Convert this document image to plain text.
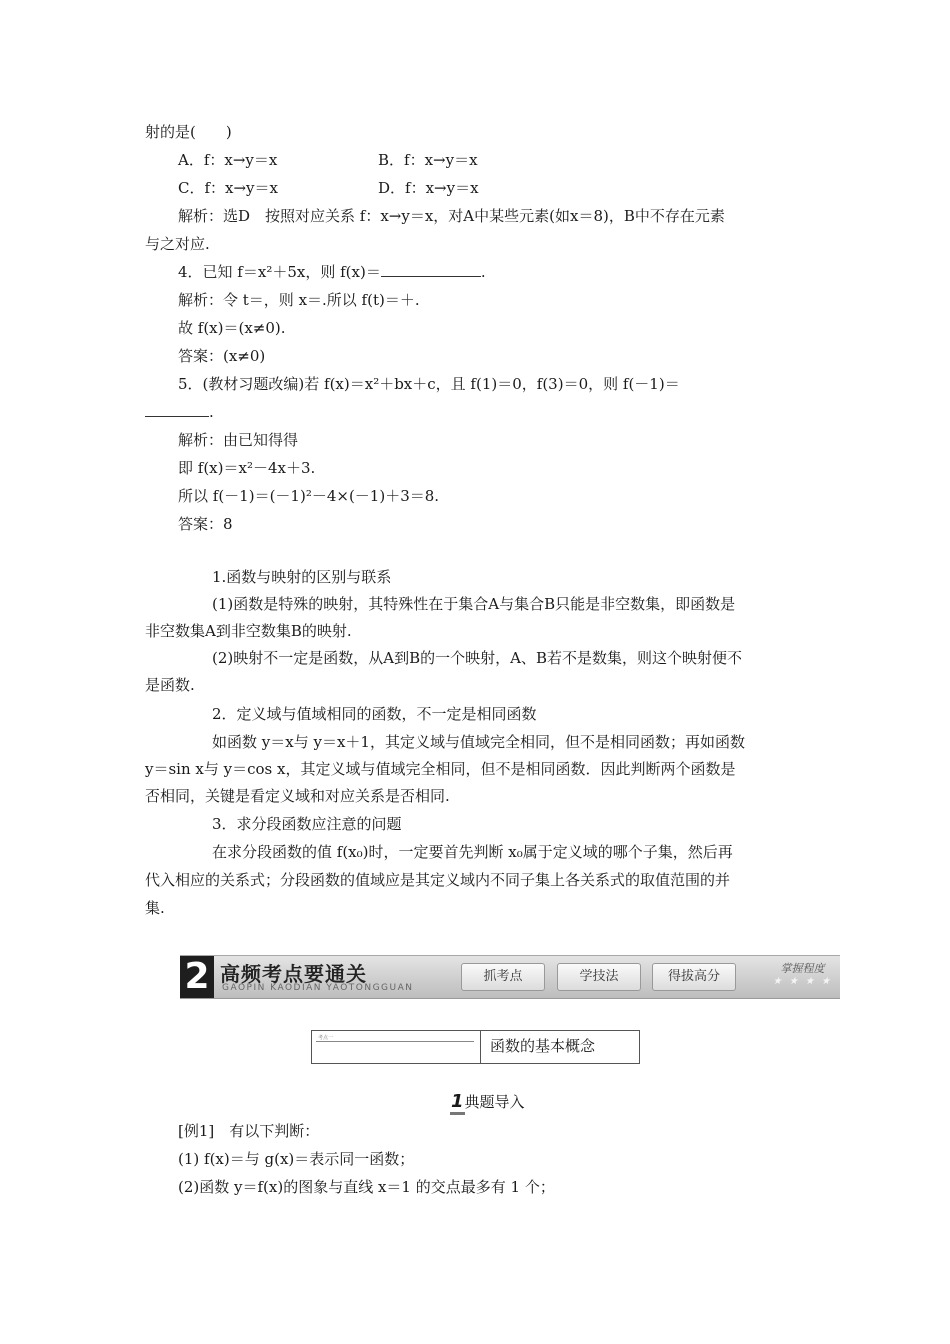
射的是(　　)
A．f：x→y＝x	B．f：x→y＝x
C．f：x→y＝x	D．f：x→y＝x
解析：选D　按照对应关系 f：x→y＝x，对A中某些元素(如x＝8)，B中不存在元素
与之对应.
4．已知 f＝x²＋5x，则 f(x)＝	.
解析：令 t＝，则 x＝.所以 f(t)＝＋.
故 f(x)＝(x≠0).
答案：(x≠0)
5．(教材习题改编)若 f(x)＝x²＋bx＋c，且 f(1)＝0，f(3)＝0，则 f(－1)＝
.
解析：由已知得得
即 f(x)＝x²－4x＋3.
所以 f(－1)＝(－1)²－4×(－1)＋3＝8.
答案：8
1.函数与映射的区别与联系
(1)函数是特殊的映射，其特殊性在于集合A与集合B只能是非空数集，即函数是
非空数集A到非空数集B的映射.
(2)映射不一定是函数，从A到B的一个映射，A、B若不是数集，则这个映射便不
是函数.
2．定义域与值域相同的函数，不一定是相同函数
如函数 y＝x与 y＝x＋1，其定义域与值域完全相同，但不是相同函数；再如函数
y＝sin x与 y＝cos x，其定义域与值域完全相同，但不是相同函数．因此判断两个函数是
否相同，关键是看定义域和对应关系是否相同.
3．求分段函数应注意的问题
在求分段函数的值 f(x₀)时，一定要首先判断 x₀属于定义域的哪个子集，然后再
代入相应的关系式；分段函数的值域应是其定义域内不同子集上各关系式的取值范围的并
集.
2 高频考点要通关
GAOPIN KAODIAN YAOTONGGUAN
抓考点	学技法	得拔高分
掌握程度
★ ★ ★ ★
考点一	函数的基本概念
1典题导入
[例1]　有以下判断：
(1) f(x)＝与 g(x)＝表示同一函数；
(2)函数 y＝f(x)的图象与直线 x＝1 的交点最多有 1 个；
